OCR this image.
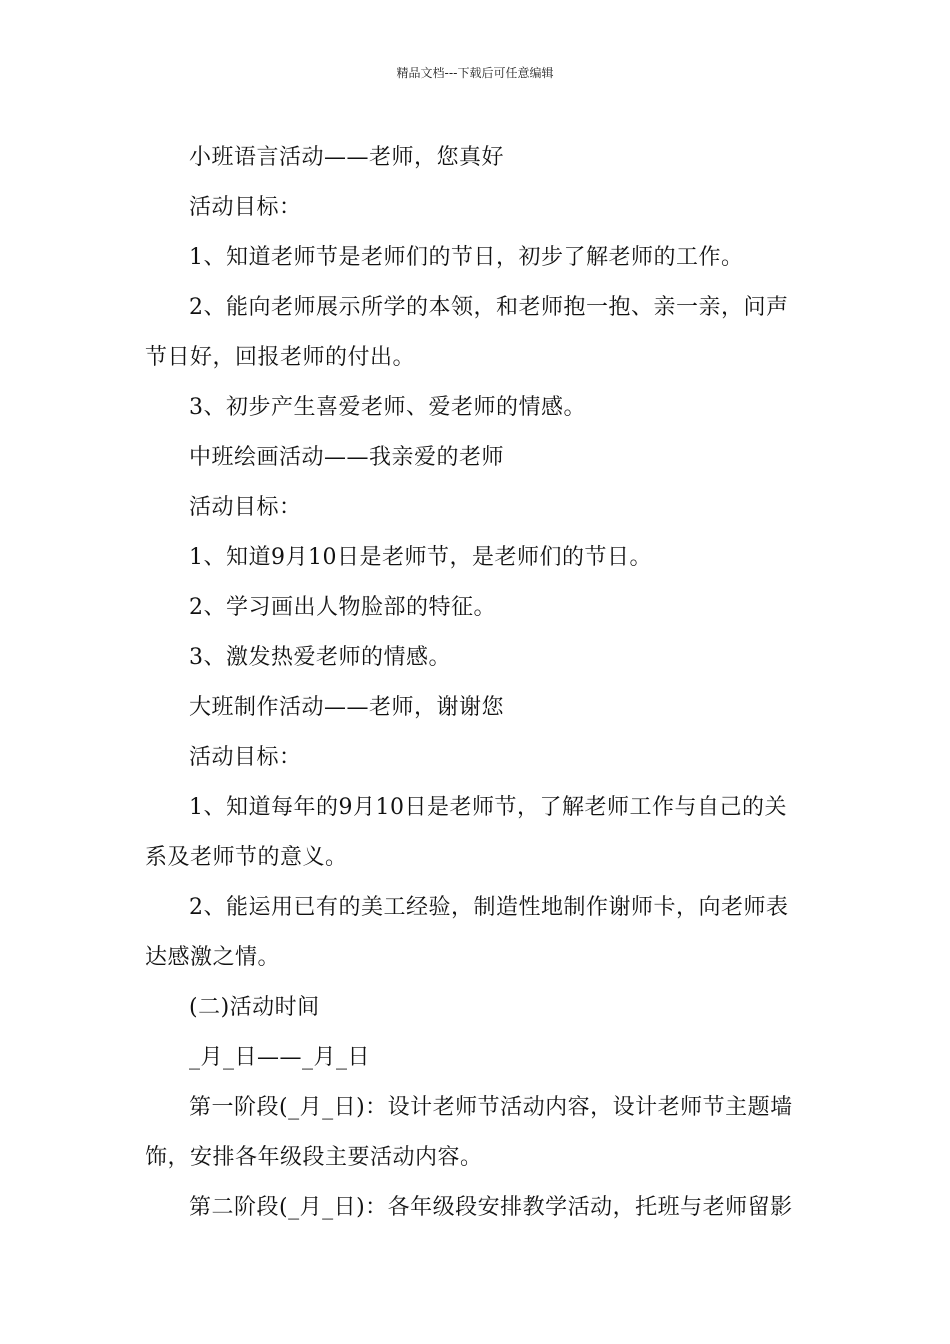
精品文档---下载后可任意编辑

小班语言活动——老师，您真好

活动目标：

1、知道老师节是老师们的节日，初步了解老师的工作。

2、能向老师展示所学的本领，和老师抱一抱、亲一亲，问声节日好，回报老师的付出。

3、初步产生喜爱老师、爱老师的情感。

中班绘画活动——我亲爱的老师

活动目标：

1、知道9月10日是老师节，是老师们的节日。

2、学习画出人物脸部的特征。

3、激发热爱老师的情感。

大班制作活动——老师，谢谢您

活动目标：

1、知道每年的9月10日是老师节，了解老师工作与自己的关系及老师节的意义。

2、能运用已有的美工经验，制造性地制作谢师卡，向老师表达感激之情。

(二)活动时间

_月_日——_月_日

第一阶段(_月_日)：设计老师节活动内容，设计老师节主题墙饰，安排各年级段主要活动内容。

第二阶段(_月_日)：各年级段安排教学活动，托班与老师留影
